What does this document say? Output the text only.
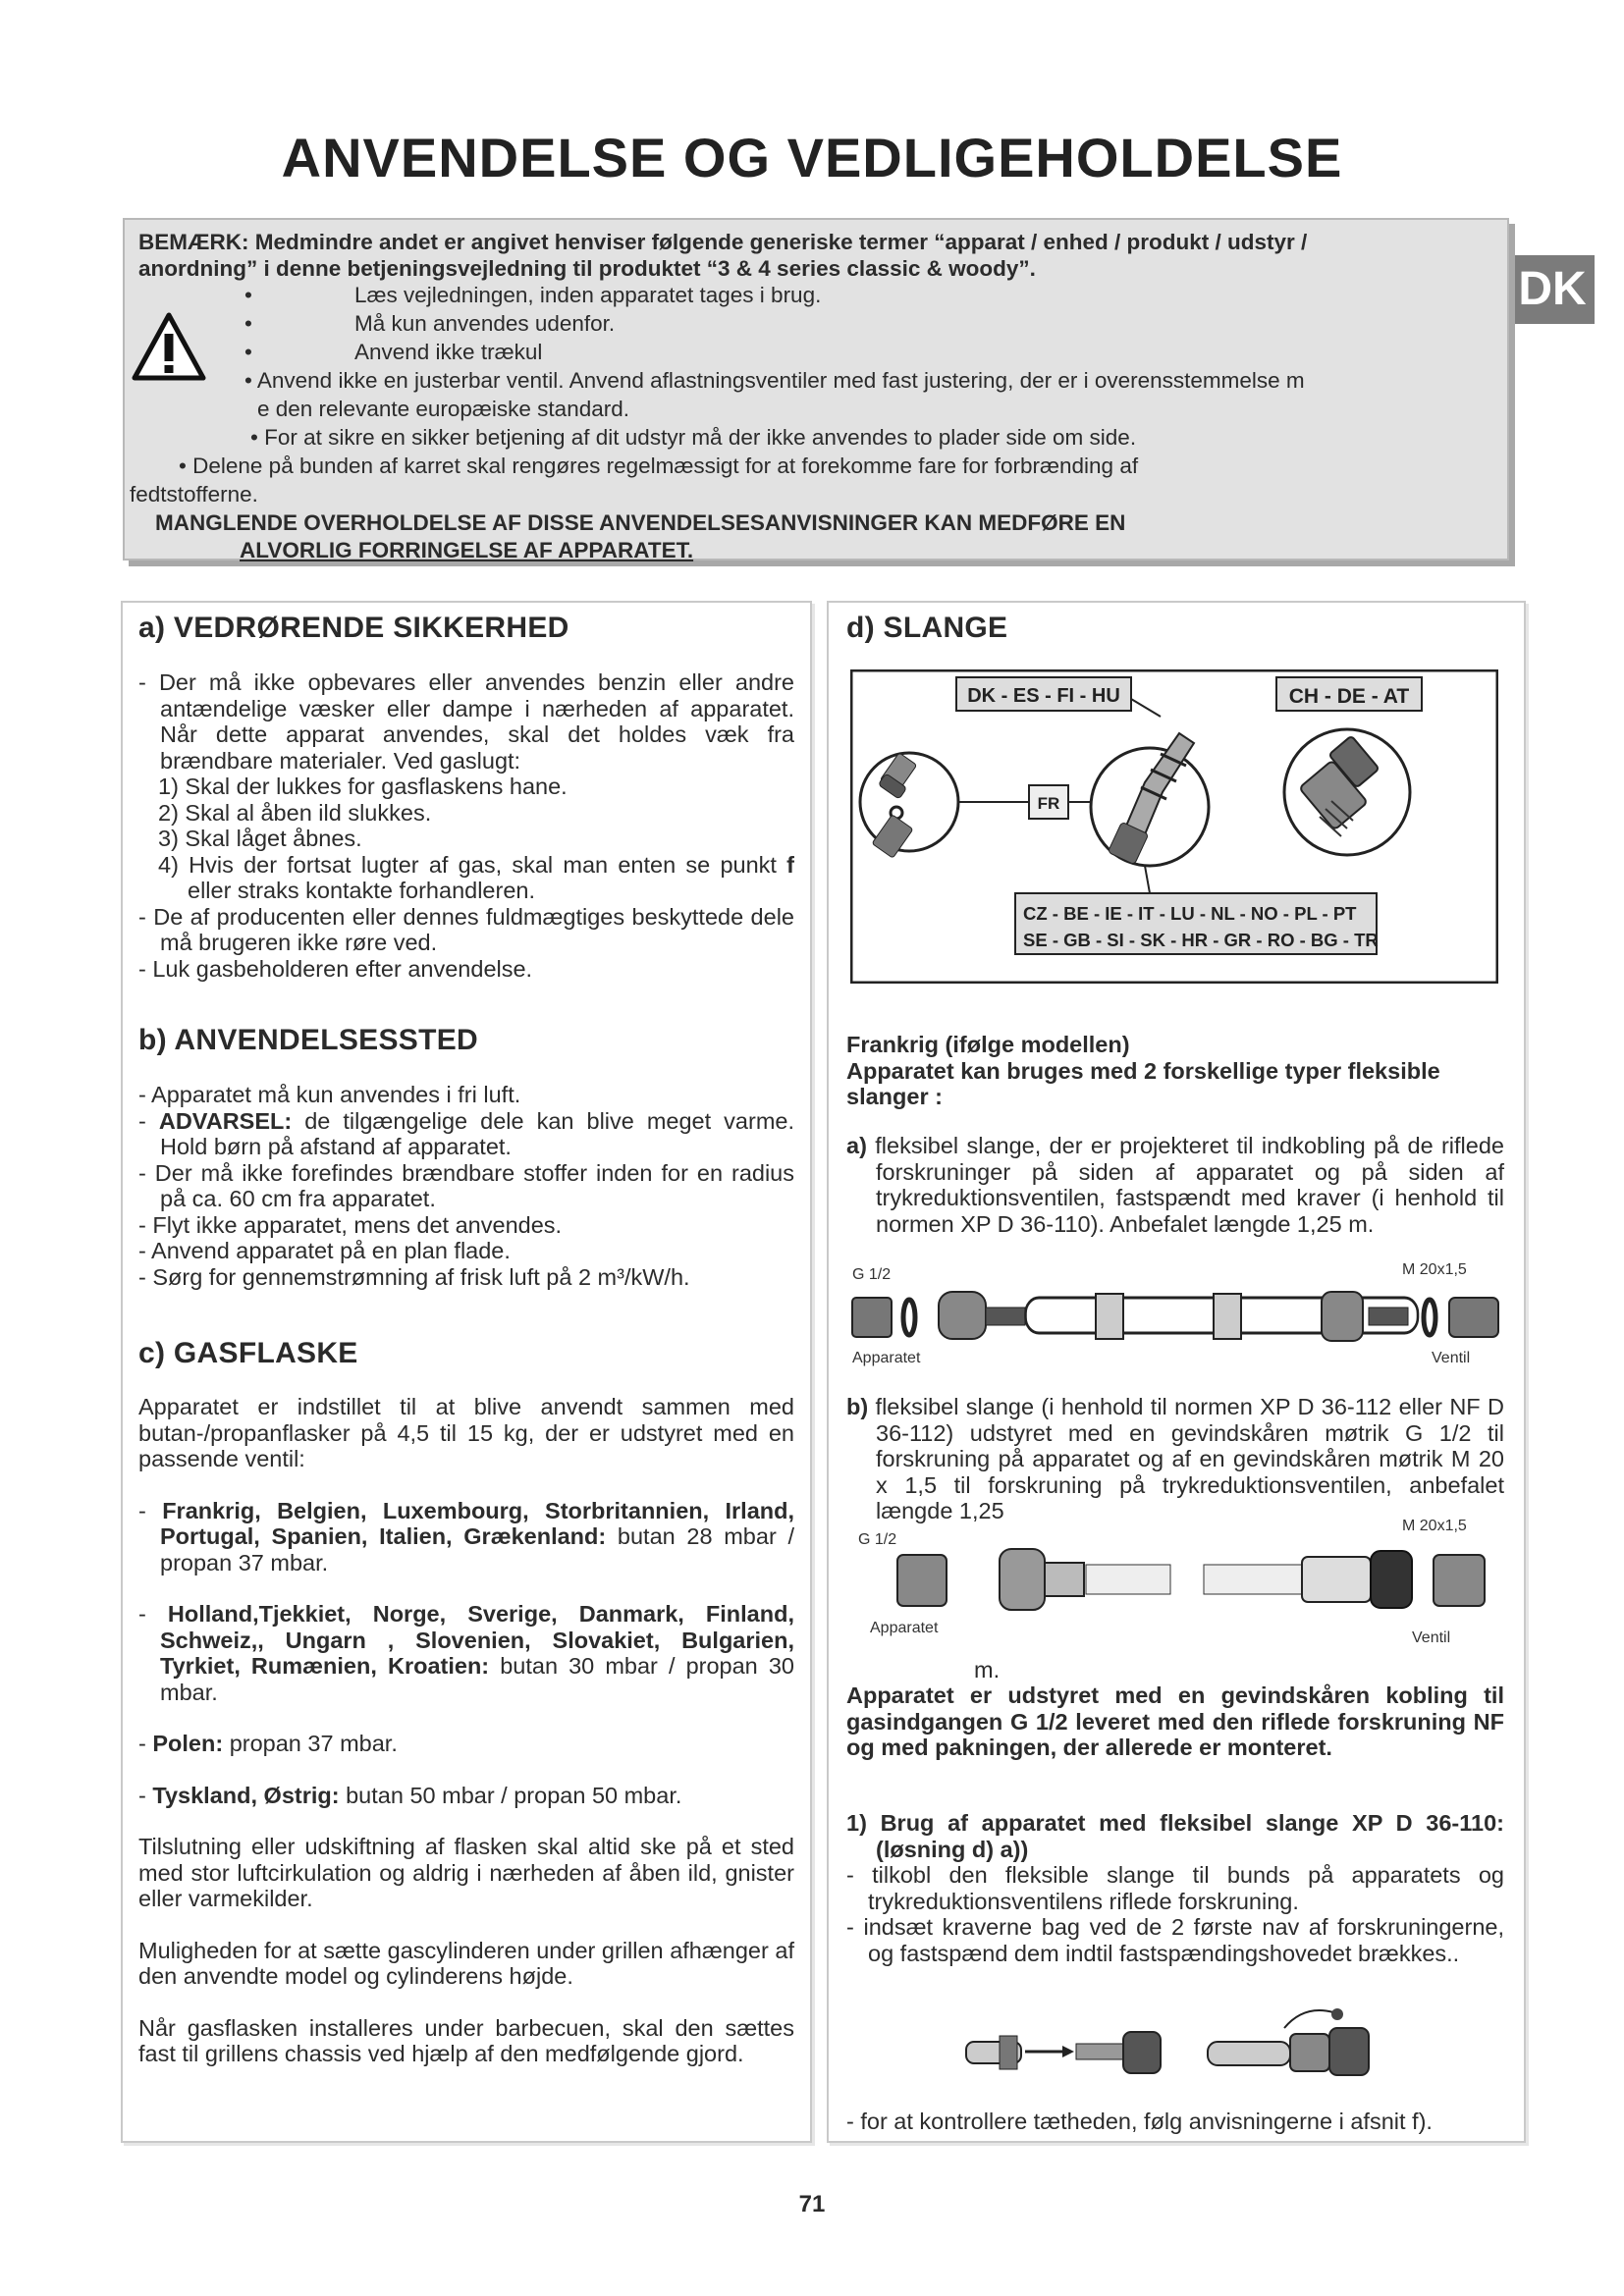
ANVENDELSE OG VEDLIGEHOLDELSE
DK
BEMÆRK: Medmindre andet er angivet henviser følgende generiske termer “apparat / enhed / produkt / udstyr /
anordning” i denne betjeningsvejledning til produktet “3 & 4 series classic & woody”.
•	Læs vejledningen, inden apparatet tages i brug.
•	Må kun anvendes udenfor.
•	Anvend ikke trækul
• Anvend ikke en justerbar ventil. Anvend aflastningsventiler med fast justering, der er i overensstemmelse m
e den relevante europæiske standard.
• For at sikre en sikker betjening af dit udstyr må der ikke anvendes to plader side om side.
• Delene på bunden af karret skal rengøres regelmæssigt for at forekomme fare for forbrænding af
fedtstofferne.
MANGLENDE OVERHOLDELSE AF DISSE ANVENDELSESANVISNINGER KAN MEDFØRE EN
ALVORLIG FORRINGELSE AF APPARATET.
a) VEDRØRENDE SIKKERHED

- Der må ikke opbevares eller anvendes benzin eller andre antændelige væsker eller dampe i nærheden af apparatet. Når dette apparat anvendes, skal det holdes væk fra brændbare materialer. Ved gaslugt:

1) Skal der lukkes for gasflaskens hane.

2) Skal al åben ild slukkes.

3) Skal låget åbnes.

4) Hvis der fortsat lugter af gas, skal man enten se punkt f eller straks kontakte forhandleren.

- De af producenten eller dennes fuldmægtiges beskyttede dele må brugeren ikke røre ved.

- Luk gasbeholderen efter anvendelse.

b) ANVENDELSESSTED

- Apparatet må kun anvendes i fri luft.

- ADVARSEL: de tilgængelige dele kan blive meget varme. Hold børn på afstand af apparatet.

- Der må ikke forefindes brændbare stoffer inden for en radius på ca. 60 cm fra apparatet.

- Flyt ikke apparatet, mens det anvendes.

- Anvend apparatet på en plan flade.

- Sørg for gennemstrømning af frisk luft på 2 m³/kW/h.

c) GASFLASKE

Apparatet er indstillet til at blive anvendt sammen med butan-/propanflasker på 4,5 til 15 kg, der er udstyret med en passende ventil:

- Frankrig, Belgien, Luxembourg, Storbritannien, Irland, Portugal, Spanien, Italien, Grækenland: butan 28 mbar / propan 37 mbar.

- Holland,Tjekkiet, Norge, Sverige, Danmark, Finland, Schweiz,, Ungarn , Slovenien, Slovakiet, Bulgarien, Tyrkiet, Rumænien, Kroatien: butan 30 mbar / propan 30 mbar.

- Polen: propan 37 mbar.

- Tyskland, Østrig: butan 50 mbar / propan 50 mbar.

Tilslutning eller udskiftning af flasken skal altid ske på et sted med stor luftcirkulation og aldrig i nærheden af åben ild, gnister eller varmekilder.

Muligheden for at sætte gascylinderen under grillen afhænger af den anvendte model og cylinderens højde.

Når gasflasken installeres under barbecuen, skal den sættes fast til grillens chassis ved hjælp af den medfølgende gjord.

d) SLANGE
DK - ES - FI - HU	CH - DE - AT
CZ - BE - IE - IT - LU - NL - NO - PL - PT
SE - GB - SI - SK - HR - GR - RO - BG - TR
FR

Frankrig (ifølge modellen)

Apparatet kan bruges med 2 forskellige typer fleksible slanger :

a) fleksibel slange, der er projekteret til indkobling på de riflede forskruninger på siden af apparatet og på siden af trykreduktionsventilen, fastspændt med kraver (i henhold til normen XP D 36-110). Anbefalet længde 1,25 m.

G 1/2	M 20x1,5
Apparatet	Ventil

b) fleksibel slange (i henhold til normen XP D 36-112 eller NF D 36-112) udstyret med en gevindskåren møtrik G 1/2 til forskruning på apparatet og af en gevindskåren møtrik M 20 x 1,5 til forskruning på trykreduktionsventilen, anbefalet længde 1,25

G 1/2
M 20x1,5
Apparatet
Ventil
m.
Apparatet er udstyret med en gevindskåren kobling til gasindgangen G 1/2 leveret med den riflede forskruning NF og med pakningen, der allerede er monteret.

1) Brug af apparatet med fleksibel slange XP D 36-110: (løsning d) a))

- tilkobl den fleksible slange til bunds på apparatets og trykreduktionsventilens riflede forskruning.

- indsæt kraverne bag ved de 2 første nav af forskruningerne, og fastspænd dem indtil fastspændingshovedet brækkes..

- for at kontrollere tætheden, følg anvisningerne i afsnit f).
71
